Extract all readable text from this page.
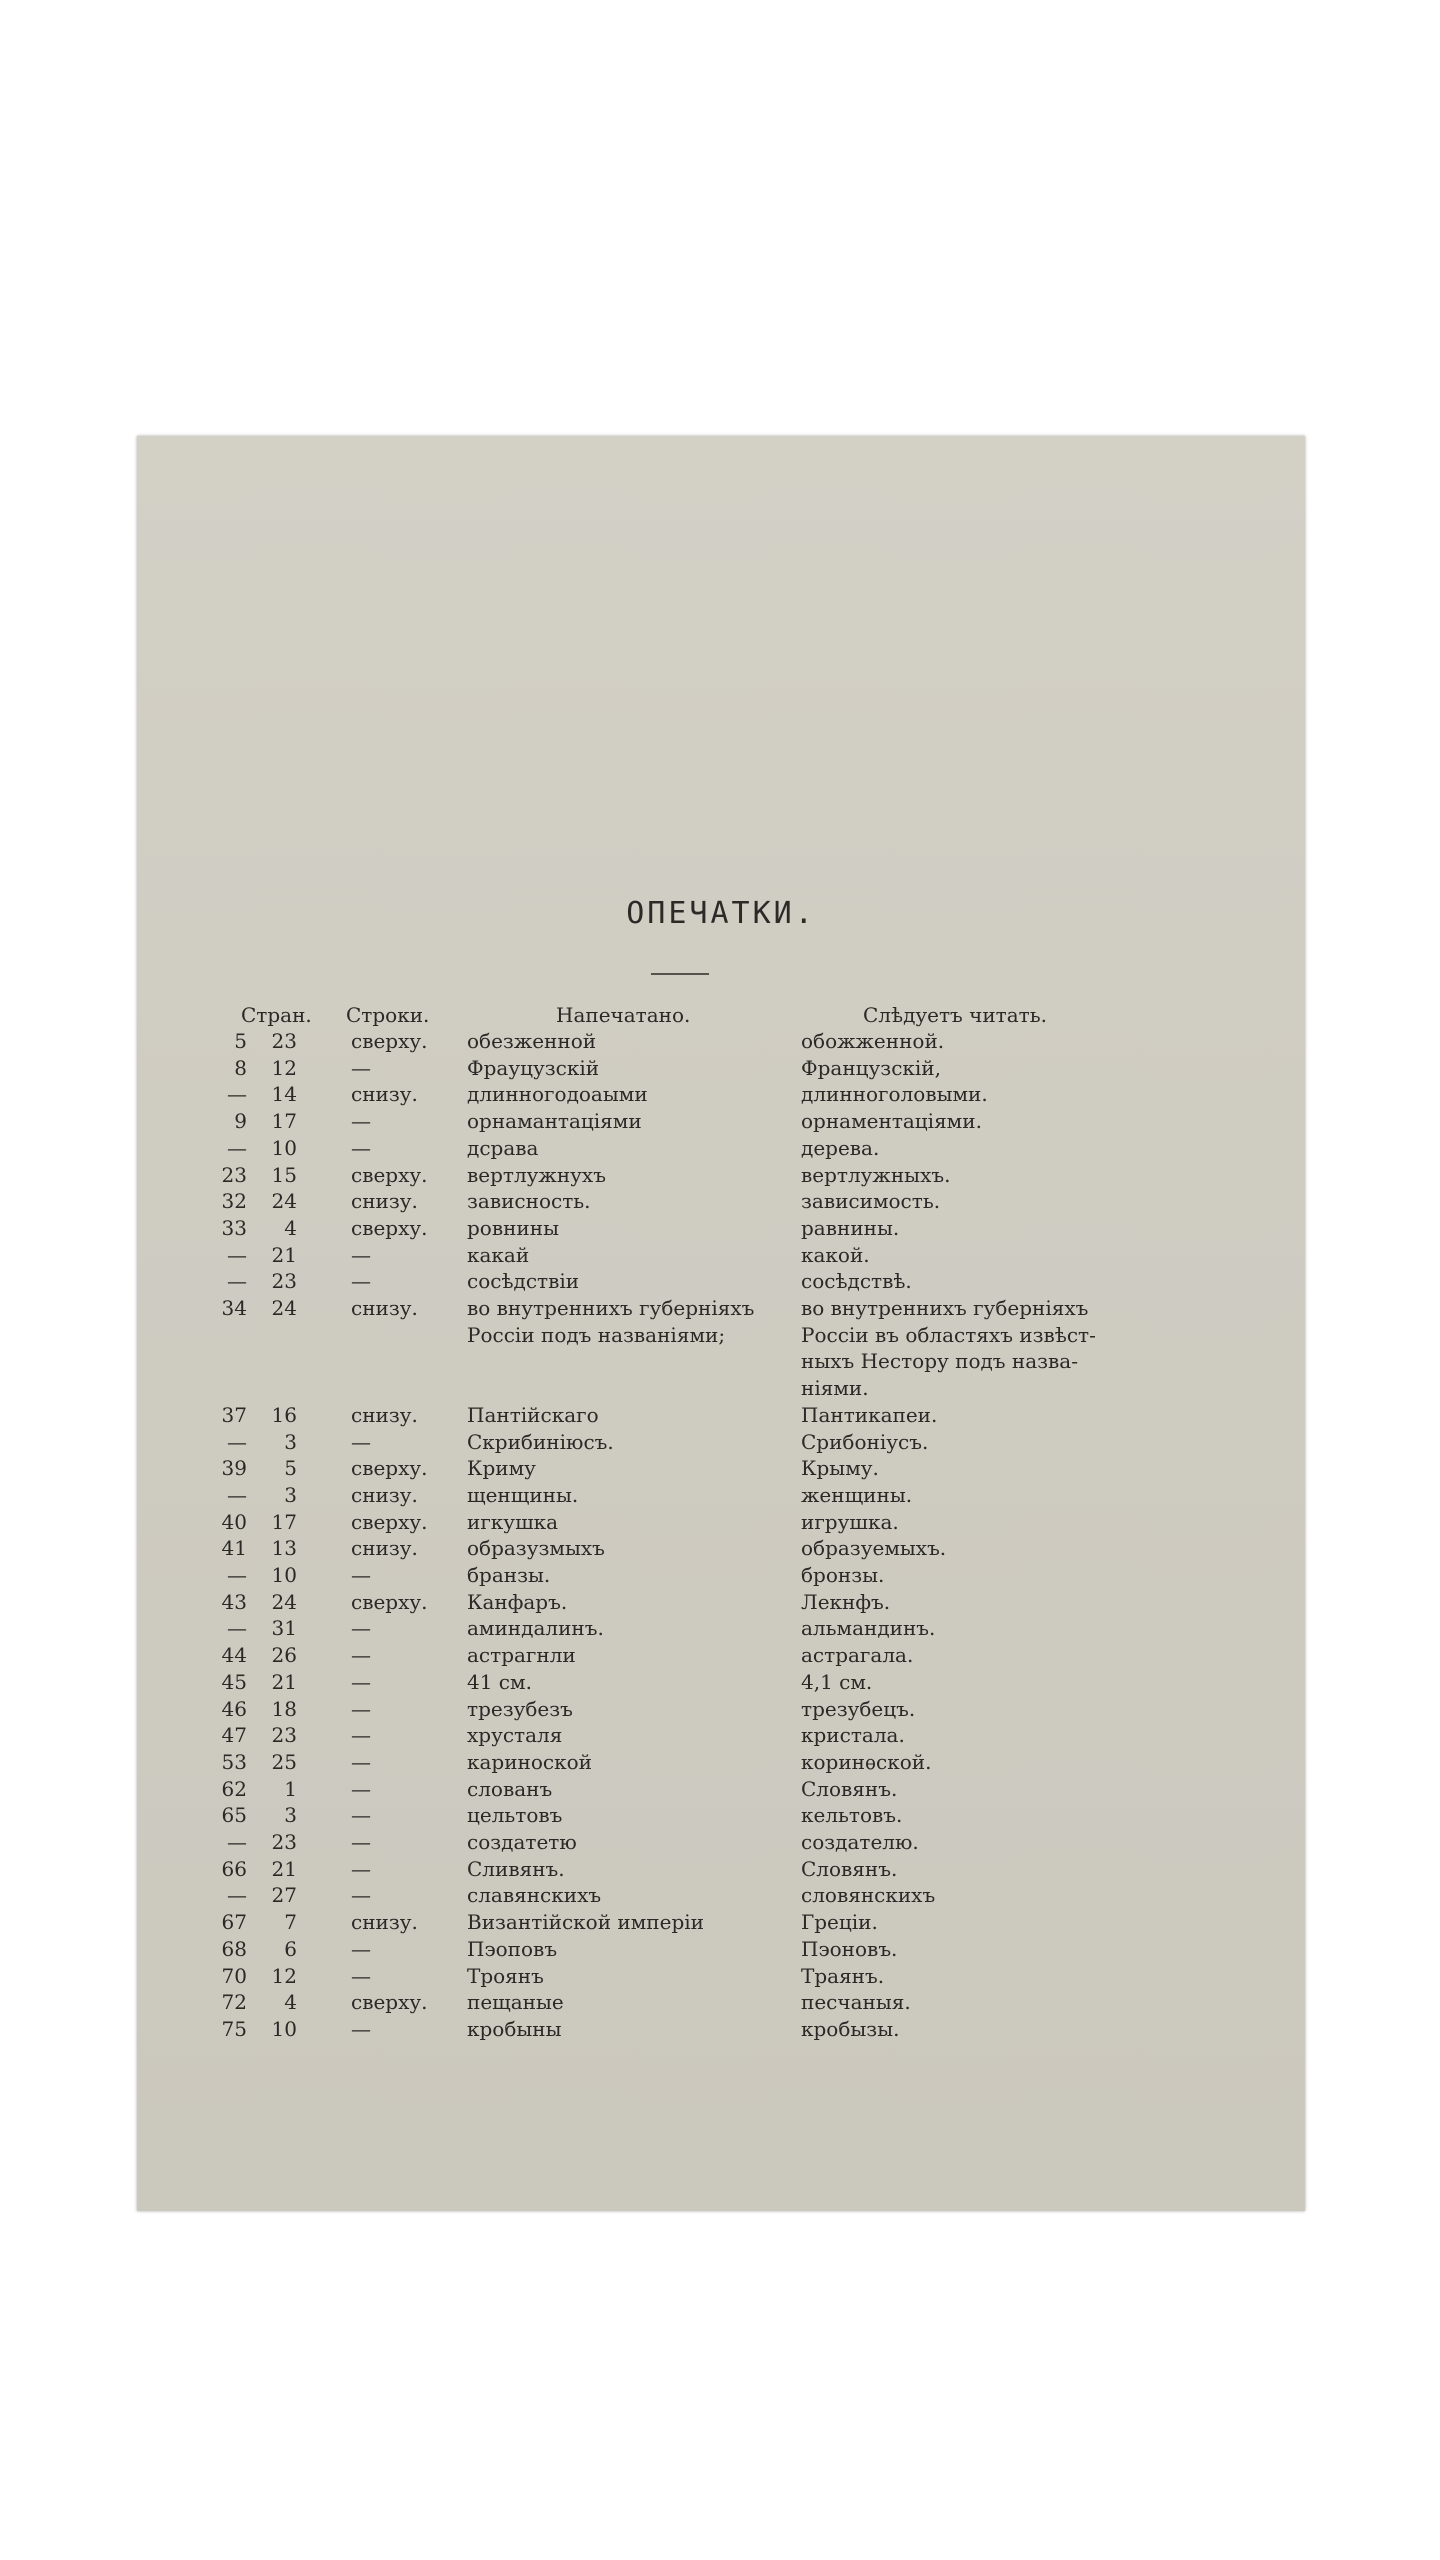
ОПЕЧАТКИ.
Стран.	Строки.	Напечатано.	Слѣдуетъ читать.
5	23	сверху.	обезженной	обожженной.
8	12	—	Фрауцузскій	Французскій,
—	14	снизу.	длинногодоаыми	длинноголовыми.
9	17	—	орнамантаціями	орнаментаціями.
—	10	—	дсрава	дерева.
23	15	сверху.	вертлужнухъ	вертлужныхъ.
32	24	снизу.	зависность.	зависимость.
33	4	сверху.	ровнины	равнины.
—	21	—	какай	какой.
—	23	—	сосѣдствіи	сосѣдствѣ.
34	24	снизу.	во внутреннихъ губерніяхъ	во внутреннихъ губерніяхъ
Россіи подъ названіями;	Россіи въ областяхъ извѣст-
ныхъ Нестору подъ назва-
ніями.
37	16	снизу.	Пантійскаго	Пантикапеи.
—	3	—	Скрибиніюсъ.	Срибоніусъ.
39	5	сверху.	Криму	Крыму.
—	3	снизу.	щенщины.	женщины.
40	17	сверху.	игкушка	игрушка.
41	13	снизу.	образузмыхъ	образуемыхъ.
—	10	—	бранзы.	бронзы.
43	24	сверху.	Канфаръ.	Лекнфъ.
—	31	—	аминдалинъ.	альмандинъ.
44	26	—	астрагнли	астрагала.
45	21	—	41 см.	4,1 см.
46	18	—	трезубезъ	трезубецъ.
47	23	—	хрусталя	кристала.
53	25	—	кариноской	коринѳской.
62	1	—	слованъ	Словянъ.
65	3	—	цельтовъ	кельтовъ.
—	23	—	создатетю	создателю.
66	21	—	Сливянъ.	Словянъ.
—	27	—	славянскихъ	словянскихъ
67	7	снизу.	Византійской имперіи	Греціи.
68	6	—	Пэоповъ	Пэоновъ.
70	12	—	Троянъ	Траянъ.
72	4	сверху.	пещаные	песчаныя.
75	10	—	кробыны	кробызы.
